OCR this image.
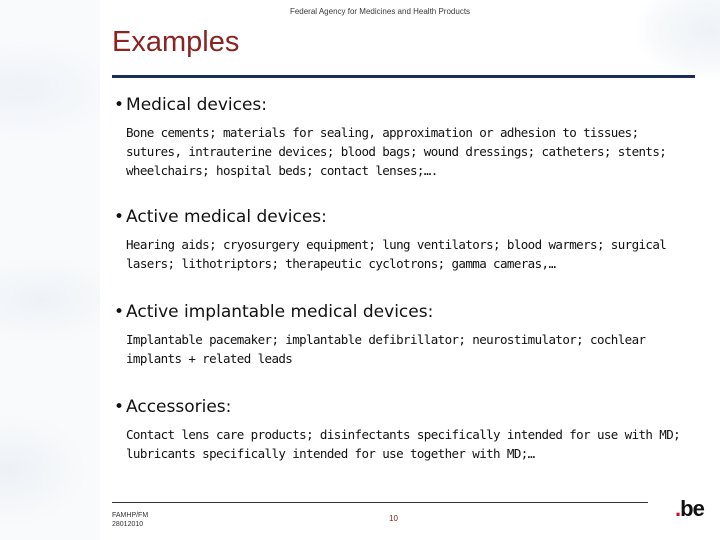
Federal Agency for Medicines and Health Products
Examples
• Medical devices:
Bone cements; materials for sealing, approximation or adhesion to tissues; sutures, intrauterine devices; blood bags; wound dressings; catheters; stents; wheelchairs; hospital beds; contact lenses;….
• Active medical devices:
Hearing aids; cryosurgery equipment; lung ventilators; blood warmers; surgical lasers; lithotriptors; therapeutic cyclotrons; gamma cameras,…
• Active implantable medical devices:
Implantable pacemaker; implantable defibrillator; neurostimulator; cochlear implants + related leads
• Accessories:
Contact lens care products; disinfectants specifically intended for use with MD; lubricants specifically intended for use together with MD;…
FAMHP/FM
28012010
10	.be
